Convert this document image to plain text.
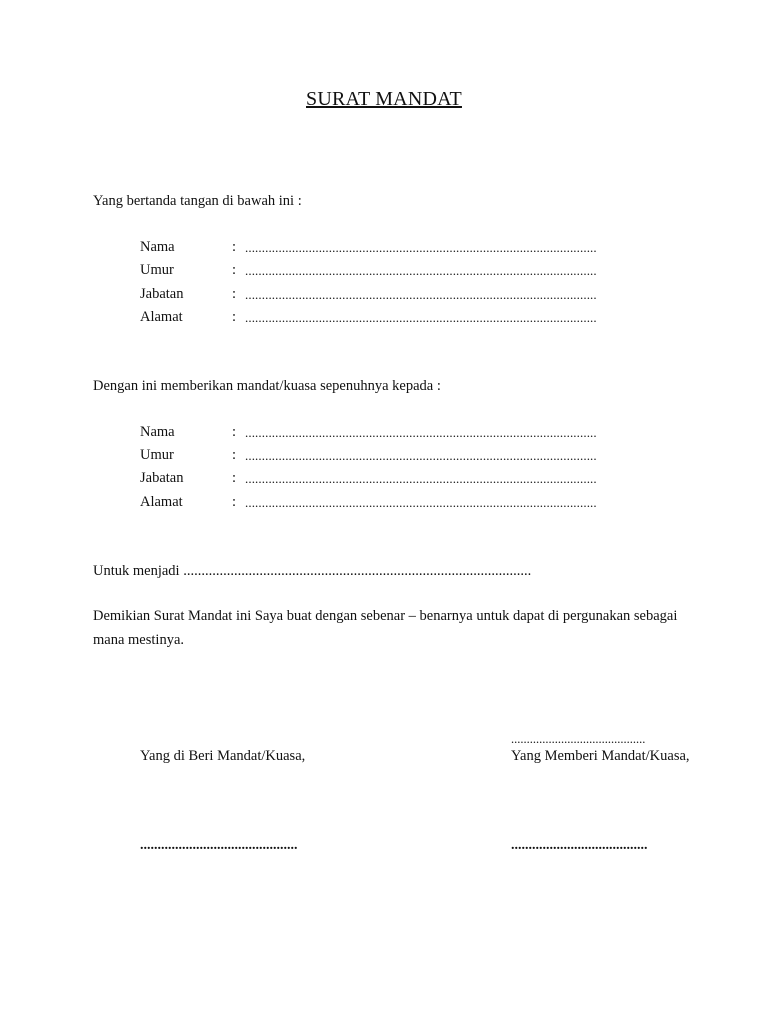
SURAT MANDAT
Yang bertanda tangan di bawah ini :
Nama	: .........................................................................................................
Umur	: .........................................................................................................
Jabatan	: .........................................................................................................
Alamat	: .........................................................................................................
Dengan ini memberikan mandat/kuasa sepenuhnya kepada :
Nama	: .........................................................................................................
Umur	: .........................................................................................................
Jabatan	: .........................................................................................................
Alamat	: .........................................................................................................
Untuk menjadi ................................................................................................
Demikian Surat Mandat ini Saya buat dengan sebenar – benarnya untuk dapat di pergunakan sebagai
mana mestinya.
...........................................
Yang di Beri Mandat/Kuasa,	Yang Memberi Mandat/Kuasa,
.............................................	.......................................
